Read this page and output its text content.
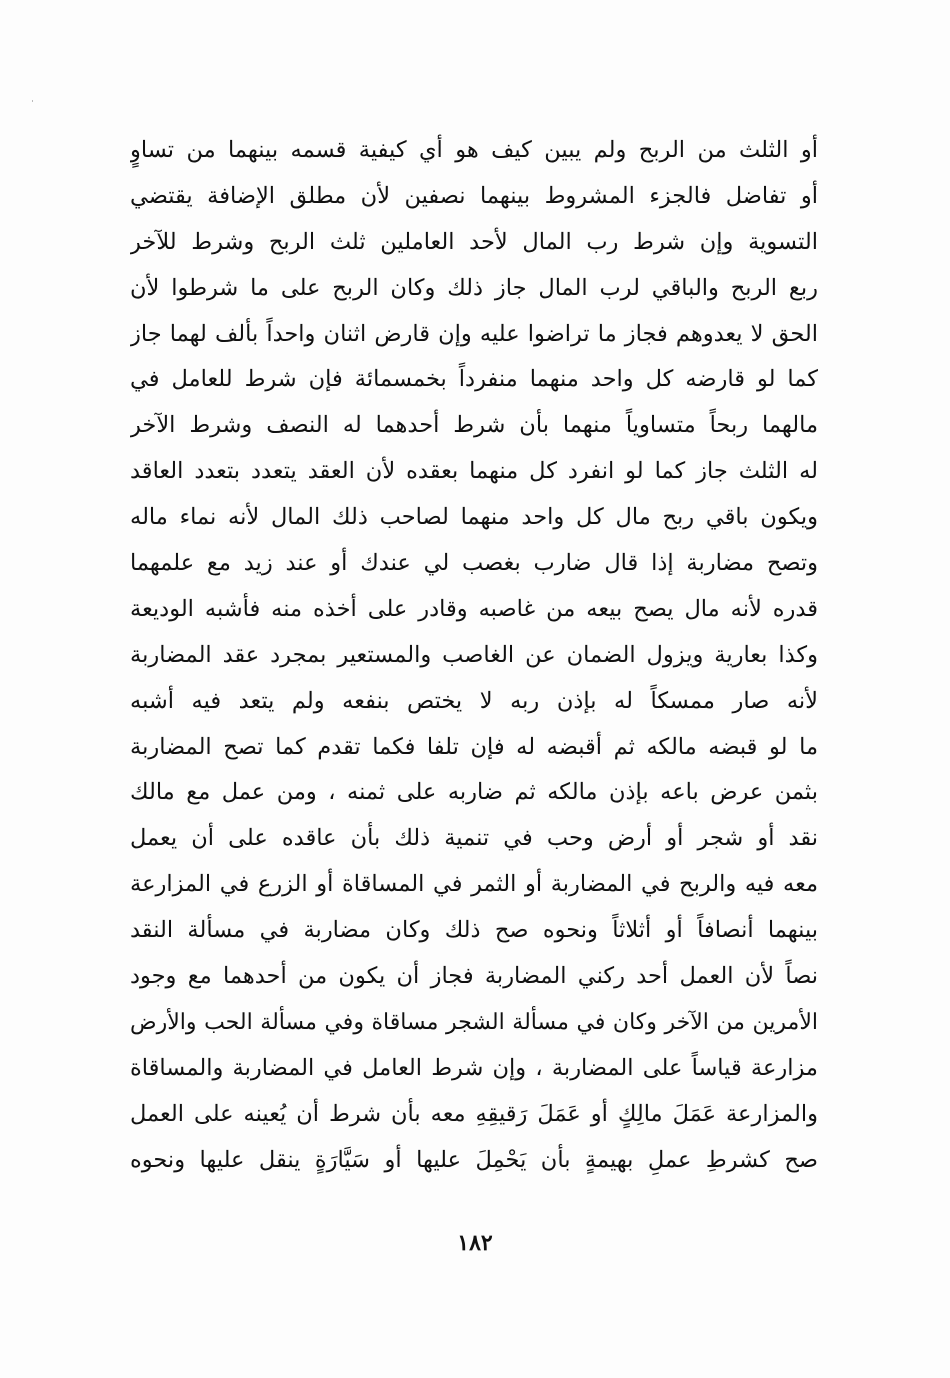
أو الثلث من الربح ولم يبين كيف هو أي كيفية قسمه بينهما من تساوٍ
أو تفاضل فالجزء المشروط بينهما نصفين لأن مطلق الإضافة يقتضي
التسوية وإن شرط رب المال لأحد العاملين ثلث الربح وشرط للآخر
ربع الربح والباقي لرب المال جاز ذلك وكان الربح على ما شرطوا لأن
الحق لا يعدوهم فجاز ما تراضوا عليه وإن قارض اثنان واحداً بألف لهما جاز
كما لو قارضه كل واحد منهما منفرداً بخمسمائة فإن شرط للعامل في
مالهما ربحاً متساوياً منهما بأن شرط أحدهما له النصف وشرط الآخر
له الثلث جاز كما لو انفرد كل منهما بعقده لأن العقد يتعدد بتعدد العاقد
ويكون باقي ربح مال كل واحد منهما لصاحب ذلك المال لأنه نماء ماله
وتصح مضاربة إذا قال ضارب بغصب لي عندك أو عند زيد مع علمهما
قدره لأنه مال يصح بيعه من غاصبه وقادر على أخذه منه فأشبه الوديعة
وكذا بعارية ويزول الضمان عن الغاصب والمستعير بمجرد عقد المضاربة
لأنه صار ممسكاً له بإذن ربه لا يختص بنفعه ولم يتعد فيه أشبه
ما لو قبضه مالكه ثم أقبضه له فإن تلفا فكما تقدم كما تصح المضاربة
بثمن عرض باعه بإذن مالكه ثم ضاربه على ثمنه ، ومن عمل مع مالك
نقد أو شجر أو أرض وحب في تنمية ذلك بأن عاقده على أن يعمل
معه فيه والربح في المضاربة أو الثمر في المساقاة أو الزرع في المزارعة
بينهما أنصافاً أو أثلاثاً ونحوه صح ذلك وكان مضاربة في مسألة النقد
نصاً لأن العمل أحد ركني المضاربة فجاز أن يكون من أحدهما مع وجود
الأمرين من الآخر وكان في مسألة الشجر مساقاة وفي مسألة الحب والأرض
مزارعة قياساً على المضاربة ، وإن شرط العامل في المضاربة والمساقاة
والمزارعة عَمَلَ مالِكٍ أو عَمَلَ رَقيقِهِ معه بأن شرط أن يُعينه على العمل
صح كشرطِ عملِ بهيمةٍ بأن يَحْمِلَ عليها أو سَيَّارَةٍ ينقل عليها ونحوه
١٨٢
